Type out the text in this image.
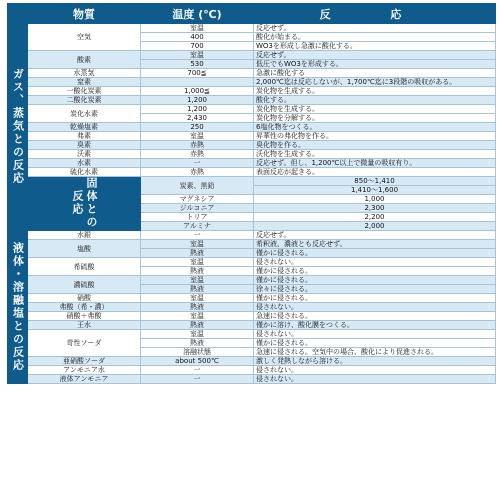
	物質	温度 (℃)	反 応	
ガス、蒸気との反応	空気	室温	反応せず。	
		400	酸化が始まる。	
		700	WO3を形成し急激に酸化する。	
	酸素	室温	反応せず。	
		530	低圧でもWO3を形成する。	
	水蒸気	700≦	急激に酸化する	
	窒素		2,000℃迄は反応しないが、1,700℃迄に3段階の吸収がある。	
	一酸化炭素	1,000≦	炭化物を生成する。	
	二酸化炭素	1,200	酸化する。	
	炭化水素	1,200	炭化物を生成する。	
		2,430	炭化物を分解する。	
	乾燥塩素	250	6塩化物をつくる。	
	弗素	室温	昇華性の弗化物を作る。	
	臭素	赤熱	臭化物を作る。	
	沃素	赤熱	沃化物を生成する。	
	水素	一	反応せず。但し、1,200℃以上で微量の吸収有り。	
	硫化水素	赤熱	表面反応が起きる。	
	固体との反応	炭素、黒鉛	850〜1,410	
			1,410〜1,600	
		マグネシア	1,000	
		ジルコニア	2,300	
		トリア	2,200	
		アルミナ	2,000	
液体・溶融塩との反応	水銀	一	反応せず。	
	塩酸	室温	希釈液、濃液とも反応せず。	
		熱液	僅かに侵される。	
	希硫酸	室温	侵されない。	
		熱液	僅かに侵される。	
	濃硫酸	室温	僅かに侵される。	
		熱液	徐々に侵される。	
	硝酸	室温	僅かに侵される。	
	弗酸（希・濃）	熱液	侵されない。	
	硝酸＋弗酸	室温	急速に侵される。	
	王水	熱液	僅かに溶け、酸化膜をつくる。	
	苛性ソーダ	室温	侵されない。	
		熱液	僅かに侵される。	
		溶融状態	急速に侵される。空気中の場合、酸化により促進される。	
	亜硝酸ソーダ	about 500℃	激しく発熱しながら溶ける。	
	アンモニア水	一	侵されない。	
	液体アンモニア	一	侵されない。	
